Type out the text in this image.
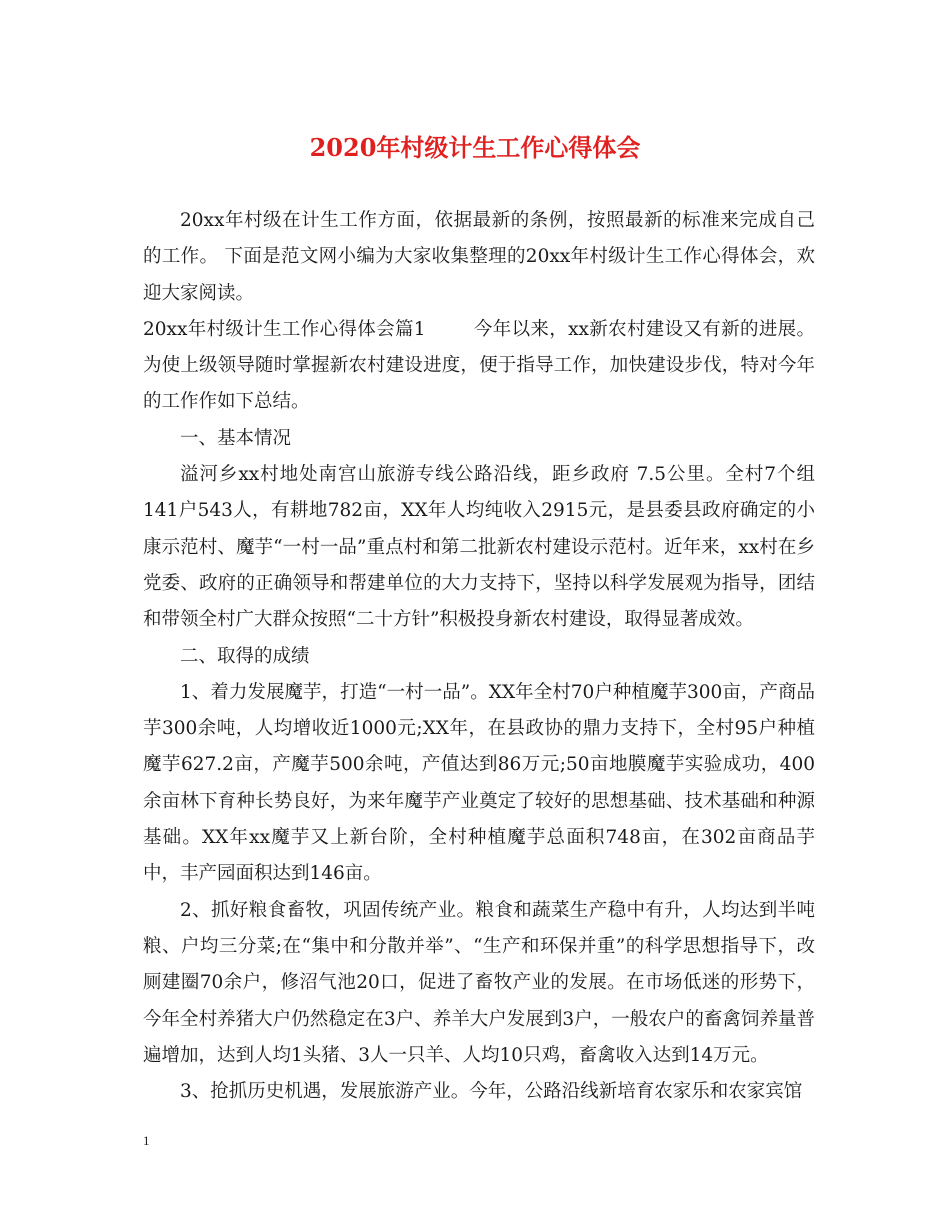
2020年村级计生工作心得体会

20xx年村级在计生工作方面，依据最新的条例，按照最新的标准来完成自己的工作。 下面是范文网小编为大家收集整理的20xx年村级计生工作心得体会，欢迎大家阅读。

20xx年村级计生工作心得体会篇1	今年以来，xx新农村建设又有新的进展。为使上级领导随时掌握新农村建设进度，便于指导工作，加快建设步伐，特对今年的工作作如下总结。

一、基本情况

溢河乡xx村地处南宫山旅游专线公路沿线，距乡政府 7.5公里。全村7个组141户543人，有耕地782亩，XX年人均纯收入2915元，是县委县政府确定的小康示范村、魔芋“一村一品”重点村和第二批新农村建设示范村。近年来，xx村在乡党委、政府的正确领导和帮建单位的大力支持下，坚持以科学发展观为指导，团结和带领全村广大群众按照“二十方针”积极投身新农村建设，取得显著成效。

二、取得的成绩

1、着力发展魔芋，打造“一村一品”。XX年全村70户种植魔芋300亩，产商品芋300余吨，人均增收近1000元;XX年，在县政协的鼎力支持下，全村95户种植魔芋627.2亩，产魔芋500余吨，产值达到86万元;50亩地膜魔芋实验成功，400余亩林下育种长势良好，为来年魔芋产业奠定了较好的思想基础、技术基础和种源基础。XX年xx魔芋又上新台阶，全村种植魔芋总面积748亩，在302亩商品芋中，丰产园面积达到146亩。

2、抓好粮食畜牧，巩固传统产业。粮食和蔬菜生产稳中有升，人均达到半吨粮、户均三分菜;在“集中和分散并举”、“生产和环保并重”的科学思想指导下，改厕建圈70余户，修沼气池20口，促进了畜牧产业的发展。在市场低迷的形势下，今年全村养猪大户仍然稳定在3户、养羊大户发展到3户，一般农户的畜禽饲养量普遍增加，达到人均1头猪、3人一只羊、人均10只鸡，畜禽收入达到14万元。

3、抢抓历史机遇，发展旅游产业。今年，公路沿线新培育农家乐和农家宾馆

1
